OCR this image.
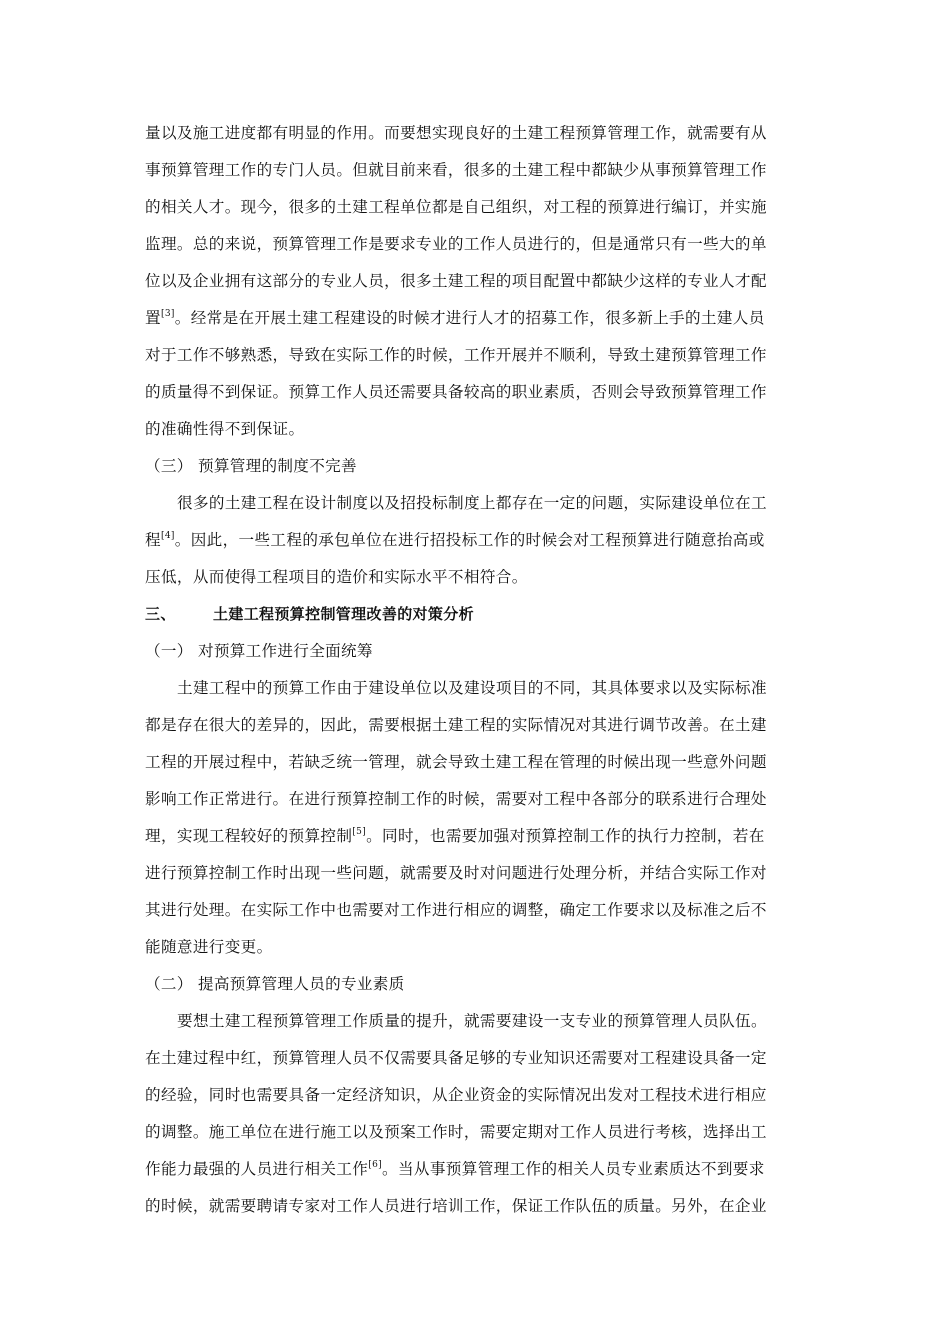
量以及施工进度都有明显的作用。而要想实现良好的土建工程预算管理工作，就需要有从
事预算管理工作的专门人员。但就目前来看，很多的土建工程中都缺少从事预算管理工作
的相关人才。现今，很多的土建工程单位都是自己组织，对工程的预算进行编订，并实施
监理。总的来说，预算管理工作是要求专业的工作人员进行的，但是通常只有一些大的单
位以及企业拥有这部分的专业人员，很多土建工程的项目配置中都缺少这样的专业人才配
置[3]。经常是在开展土建工程建设的时候才进行人才的招募工作，很多新上手的土建人员
对于工作不够熟悉，导致在实际工作的时候，工作开展并不顺利，导致土建预算管理工作
的质量得不到保证。预算工作人员还需要具备较高的职业素质，否则会导致预算管理工作
的准确性得不到保证。
（三） 预算管理的制度不完善
很多的土建工程在设计制度以及招投标制度上都存在一定的问题，实际建设单位在工
程[4]。因此，一些工程的承包单位在进行招投标工作的时候会对工程预算进行随意抬高或
压低，从而使得工程项目的造价和实际水平不相符合。
三、 土建工程预算控制管理改善的对策分析
（一） 对预算工作进行全面统筹
土建工程中的预算工作由于建设单位以及建设项目的不同，其具体要求以及实际标准
都是存在很大的差异的，因此，需要根据土建工程的实际情况对其进行调节改善。在土建
工程的开展过程中，若缺乏统一管理，就会导致土建工程在管理的时候出现一些意外问题
影响工作正常进行。在进行预算控制工作的时候，需要对工程中各部分的联系进行合理处
理，实现工程较好的预算控制[5]。同时，也需要加强对预算控制工作的执行力控制，若在
进行预算控制工作时出现一些问题，就需要及时对问题进行处理分析，并结合实际工作对
其进行处理。在实际工作中也需要对工作进行相应的调整，确定工作要求以及标准之后不
能随意进行变更。
（二） 提高预算管理人员的专业素质
要想土建工程预算管理工作质量的提升，就需要建设一支专业的预算管理人员队伍。
在土建过程中红，预算管理人员不仅需要具备足够的专业知识还需要对工程建设具备一定
的经验，同时也需要具备一定经济知识，从企业资金的实际情况出发对工程技术进行相应
的调整。施工单位在进行施工以及预案工作时，需要定期对工作人员进行考核，选择出工
作能力最强的人员进行相关工作[6]。当从事预算管理工作的相关人员专业素质达不到要求
的时候，就需要聘请专家对工作人员进行培训工作，保证工作队伍的质量。另外，在企业
